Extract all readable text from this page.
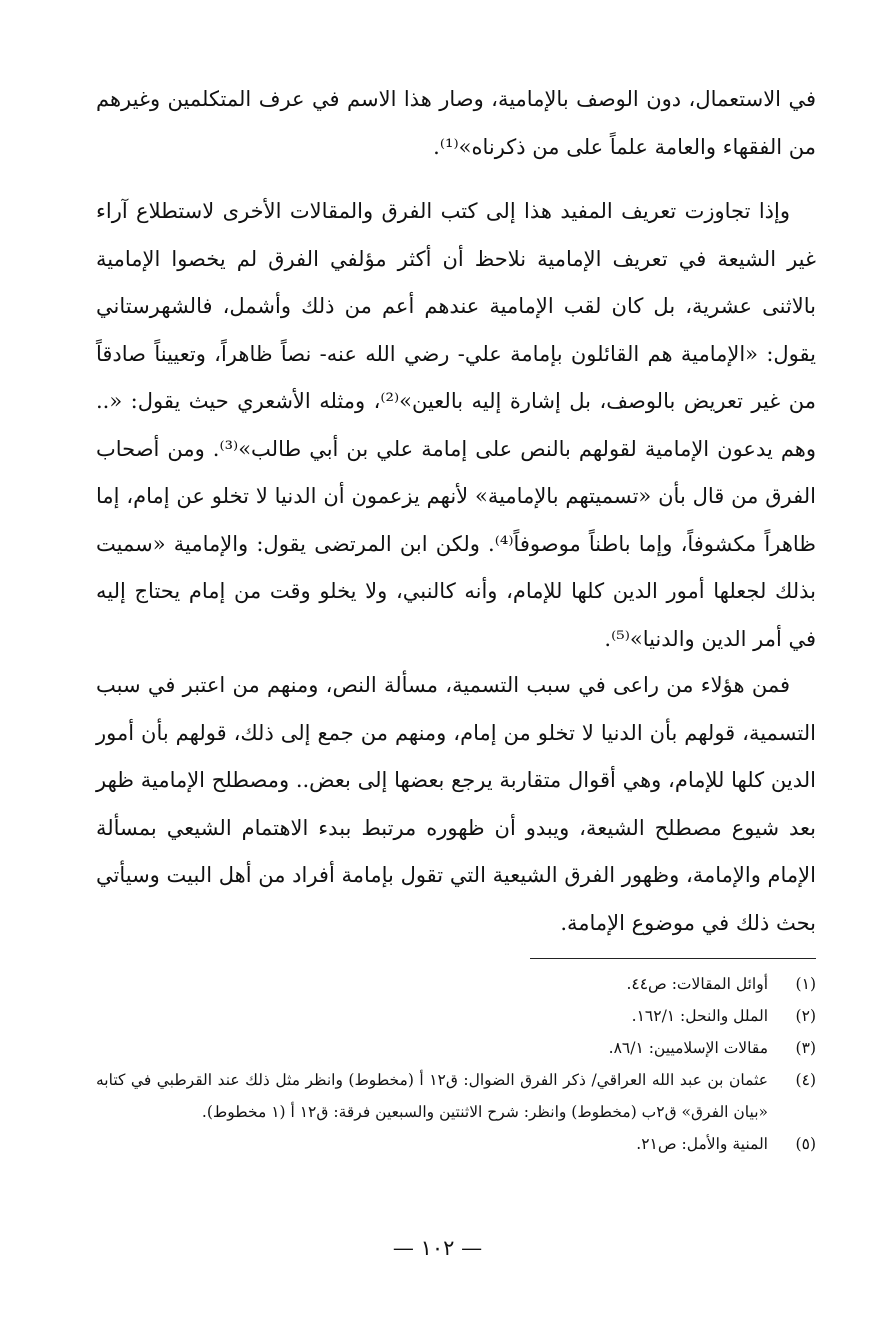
في الاستعمال، دون الوصف بالإمامية، وصار هذا الاسم في عرف المتكلمين وغيرهم من الفقهاء والعامة علماً على من ذكرناه»⁽¹⁾.

وإذا تجاوزت تعريف المفيد هذا إلى كتب الفرق والمقالات الأخرى لاستطلاع آراء غير الشيعة في تعريف الإمامية نلاحظ أن أكثر مؤلفي الفرق لم يخصوا الإمامية بالاثنى عشرية، بل كان لقب الإمامية عندهم أعم من ذلك وأشمل، فالشهرستاني يقول: «الإمامية هم القائلون بإمامة علي- رضي الله عنه- نصاً ظاهراً، وتعييناً صادقاً من غير تعريض بالوصف، بل إشارة إليه بالعين»⁽²⁾، ومثله الأشعري حيث يقول: «.. وهم يدعون الإمامية لقولهم بالنص على إمامة علي بن أبي طالب»⁽³⁾. ومن أصحاب الفرق من قال بأن «تسميتهم بالإمامية» لأنهم يزعمون أن الدنيا لا تخلو عن إمام، إما ظاهراً مكشوفاً، وإما باطناً موصوفاً⁽⁴⁾. ولكن ابن المرتضى يقول: والإمامية «سميت بذلك لجعلها أمور الدين كلها للإمام، وأنه كالنبي، ولا يخلو وقت من إمام يحتاج إليه في أمر الدين والدنيا»⁽⁵⁾.

فمن هؤلاء من راعى في سبب التسمية، مسألة النص، ومنهم من اعتبر في سبب التسمية، قولهم بأن الدنيا لا تخلو من إمام، ومنهم من جمع إلى ذلك، قولهم بأن أمور الدين كلها للإمام، وهي أقوال متقاربة يرجع بعضها إلى بعض.. ومصطلح الإمامية ظهر بعد شيوع مصطلح الشيعة، ويبدو أن ظهوره مرتبط ببدء الاهتمام الشيعي بمسألة الإمام والإمامة، وظهور الفرق الشيعية التي تقول بإمامة أفراد من أهل البيت وسيأتي بحث ذلك في موضوع الإمامة.

(١)
أوائل المقالات: ص٤٤.
(٢)
الملل والنحل: ١٦٢/١.
(٣)
مقالات الإسلاميين: ٨٦/١.
(٤)
عثمان بن عبد الله العراقي/ ذكر الفرق الضوال: ق١٢ أ (مخطوط) وانظر مثل ذلك عند القرطبي في كتابه «بيان الفرق» ق٢ب (مخطوط) وانظر: شرح الاثنتين والسبعين فرقة: ق١٢ أ (١ مخطوط).
(٥)
المنية والأمل: ص٢١.
— ١٠٢ —
